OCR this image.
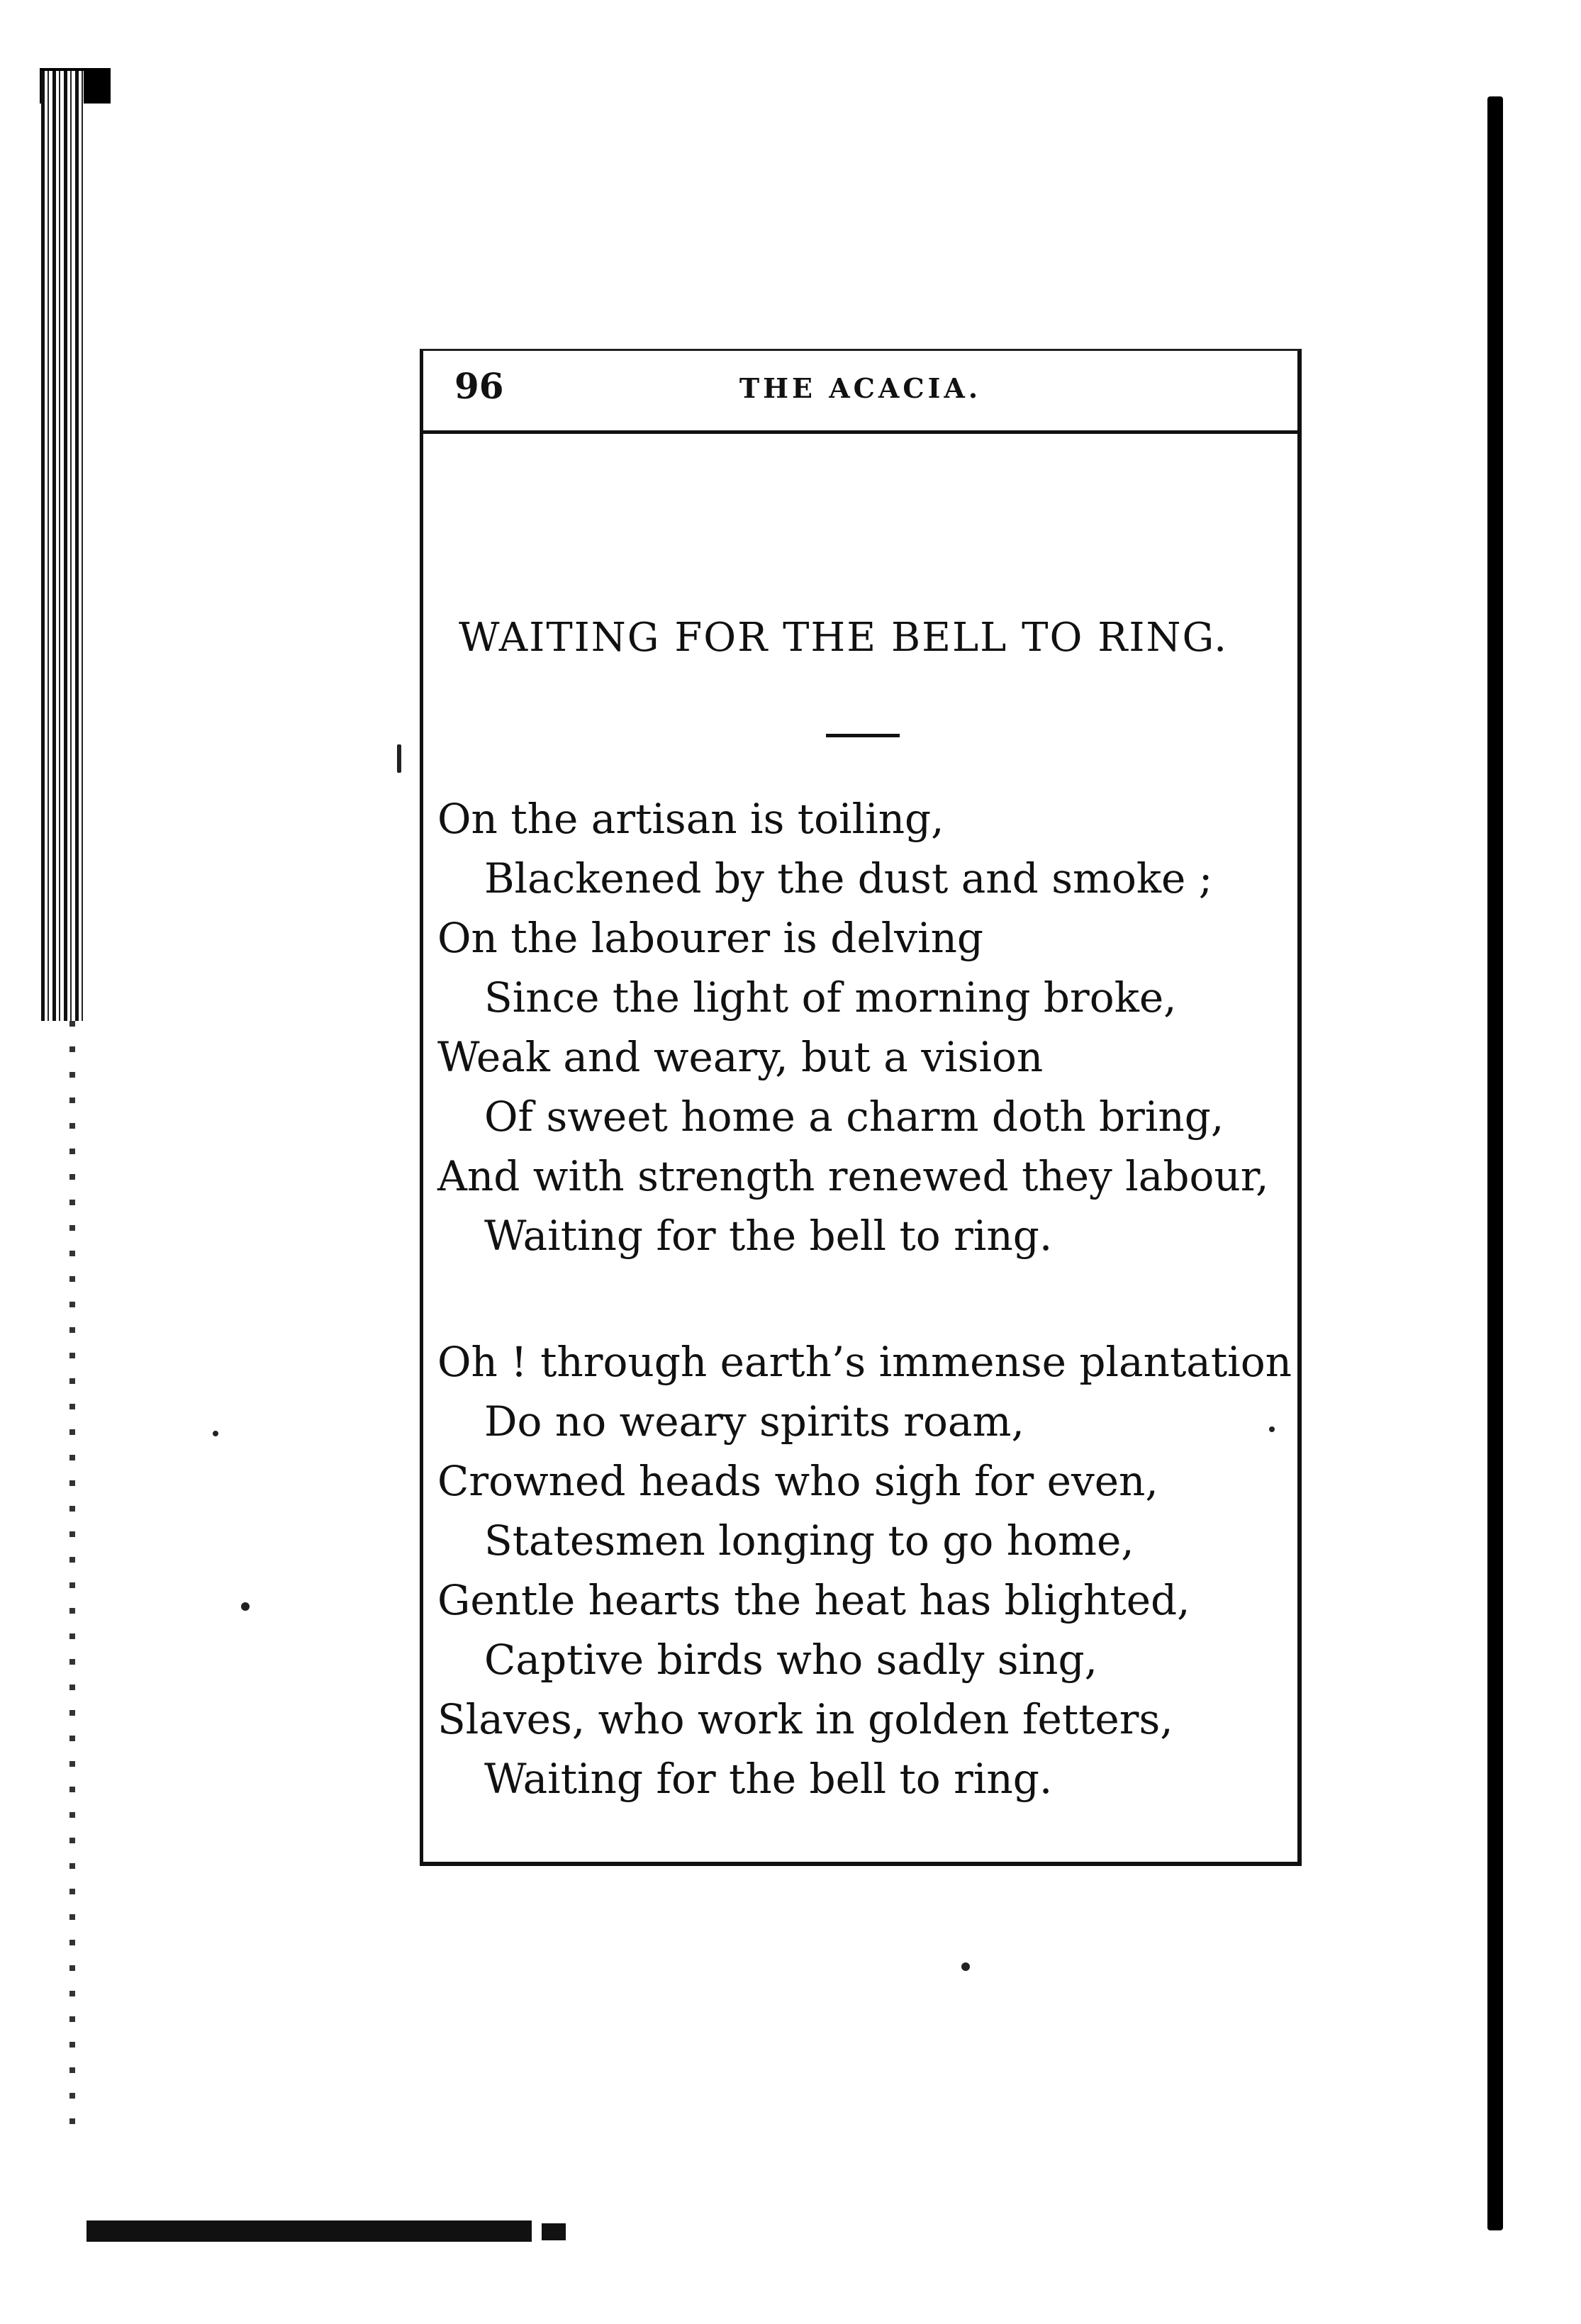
96	THE ACACIA.
WAITING FOR THE BELL TO RING.
On the artisan is toiling,
Blackened by the dust and smoke ;
On the labourer is delving
Since the light of morning broke,
Weak and weary, but a vision
Of sweet home a charm doth bring,
And with strength renewed they labour,
Waiting for the bell to ring.
Oh ! through earth’s immense plantation
Do no weary spirits roam,
Crowned heads who sigh for even,
Statesmen longing to go home,
Gentle hearts the heat has blighted,
Captive birds who sadly sing,
Slaves, who work in golden fetters,
Waiting for the bell to ring.
